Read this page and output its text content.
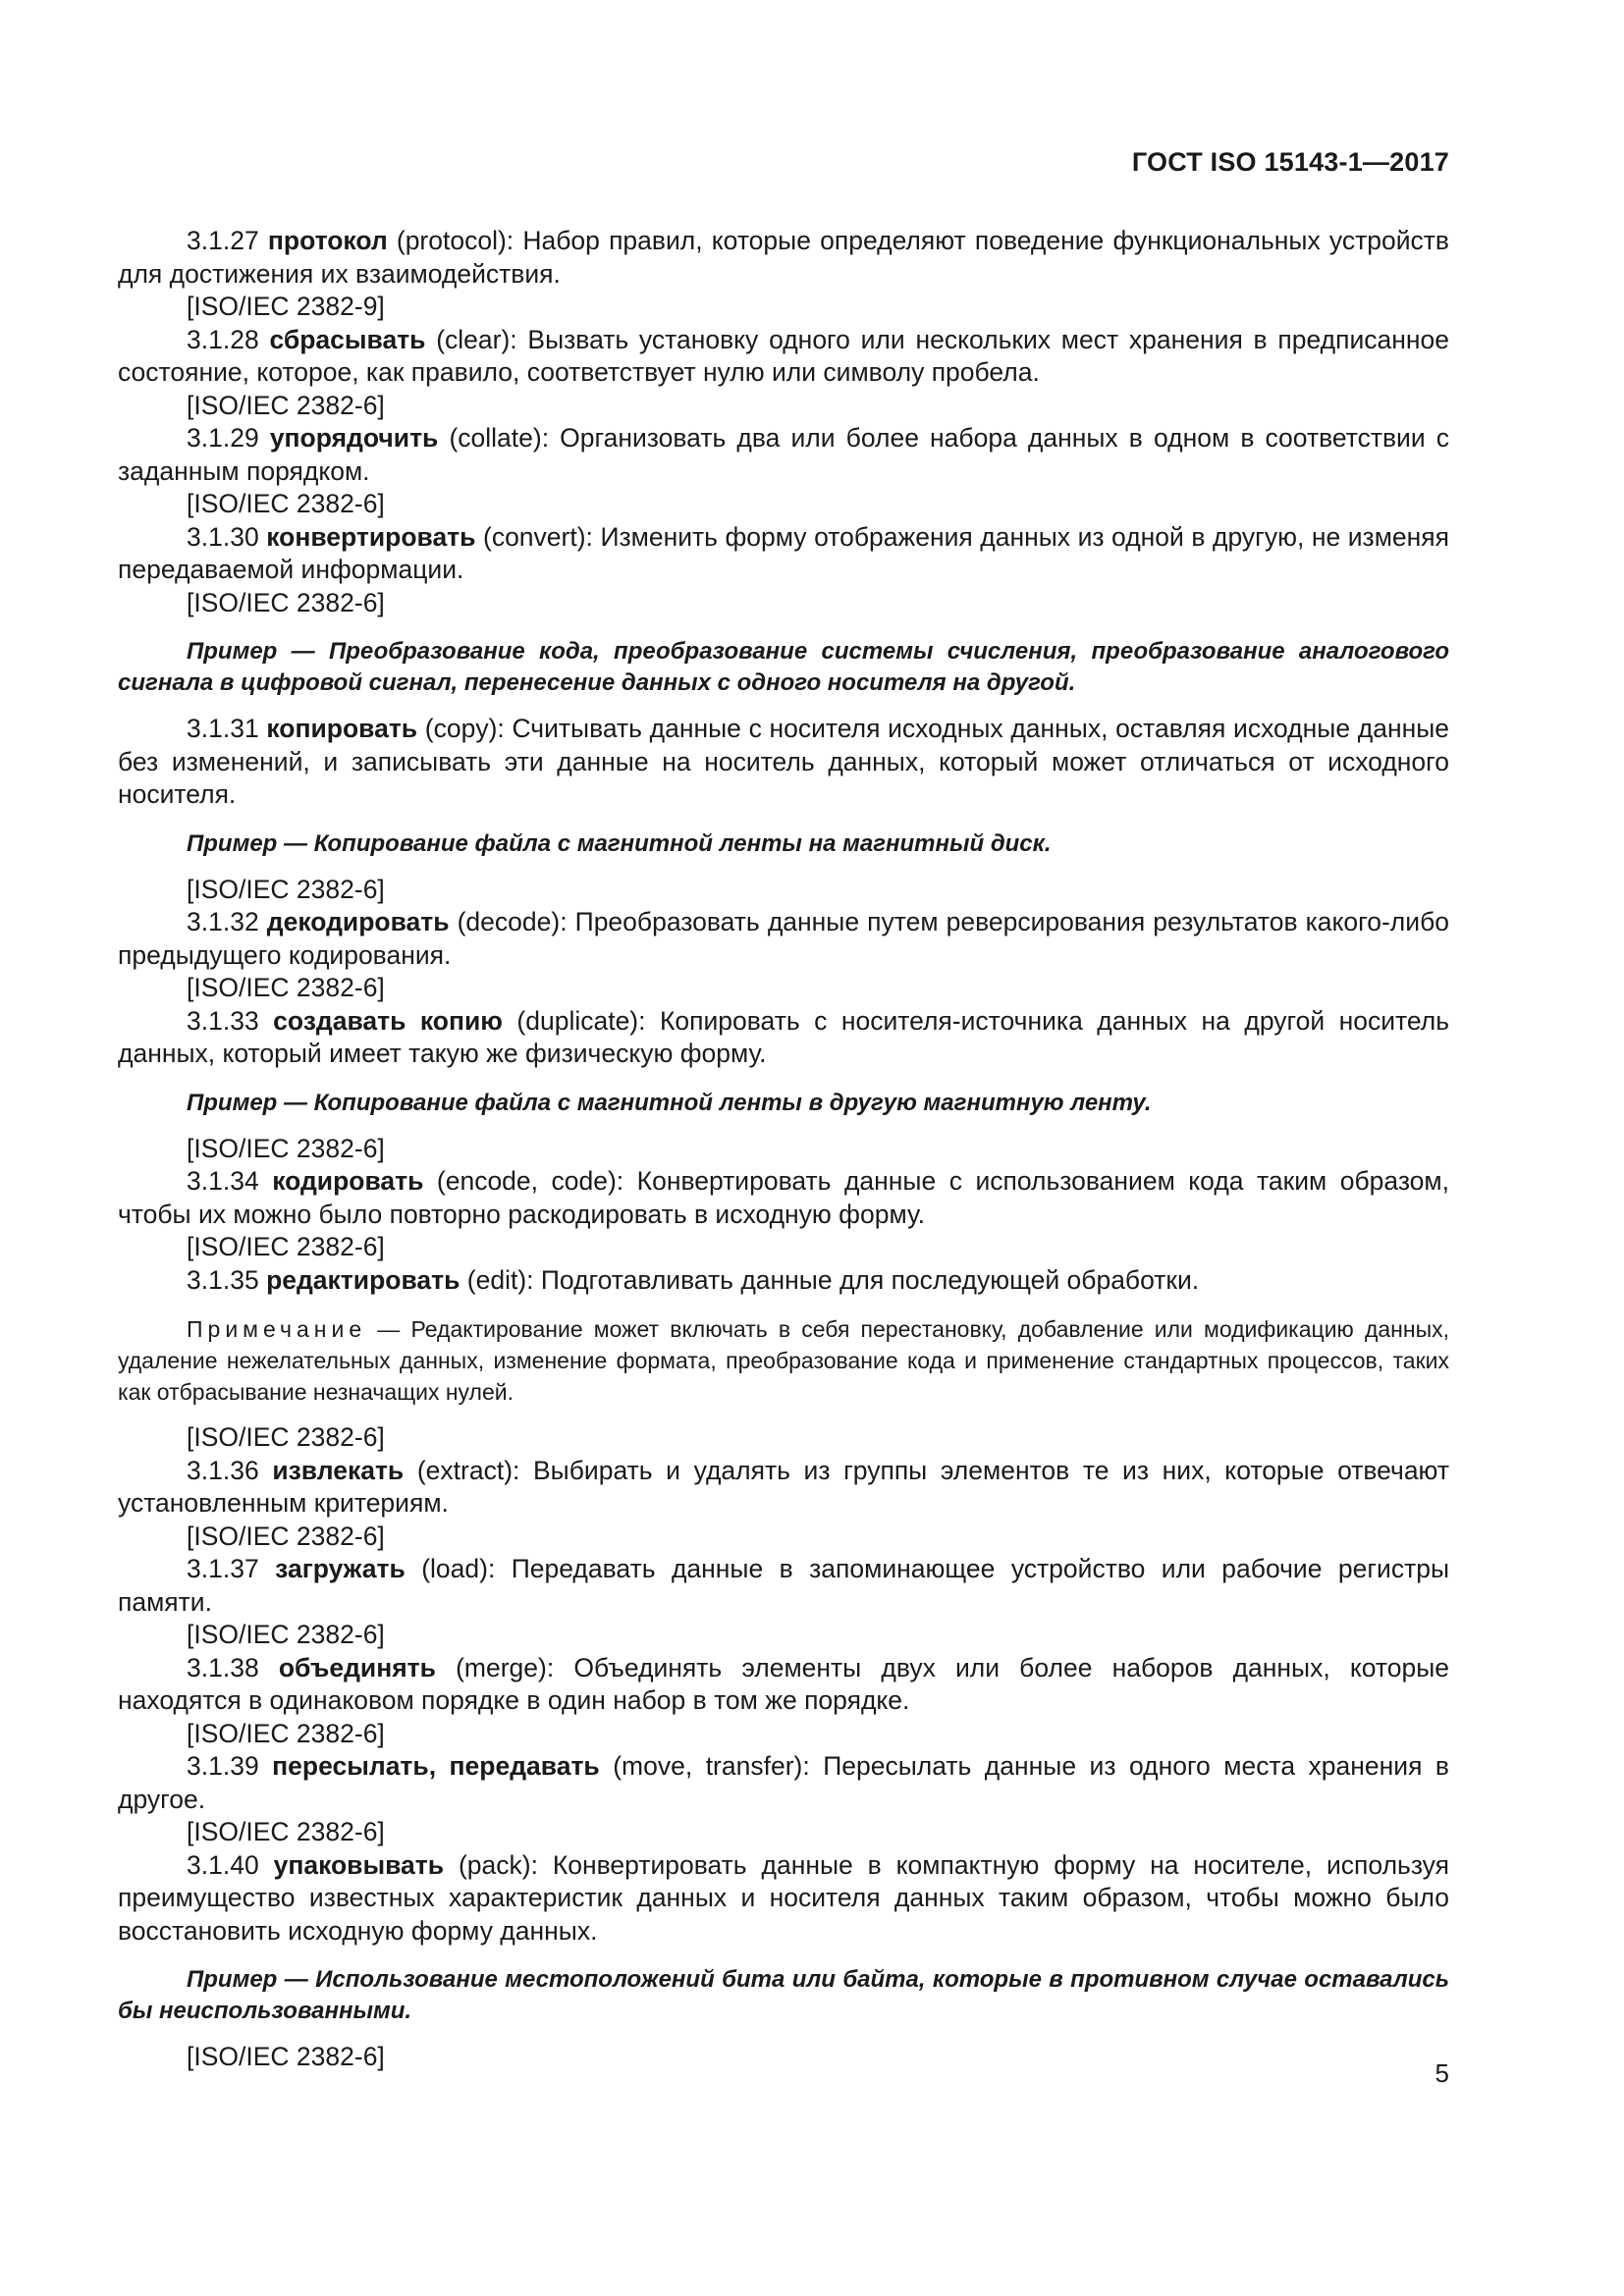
ГОСТ ISO 15143-1—2017

3.1.27 протокол (protocol): Набор правил, которые определяют поведение функциональных устройств для достижения их взаимодействия.

[ISO/IEC 2382-9]

3.1.28 сбрасывать (clear): Вызвать установку одного или нескольких мест хранения в предписанное состояние, которое, как правило, соответствует нулю или символу пробела.

[ISO/IEC 2382-6]

3.1.29 упорядочить (collate): Организовать два или более набора данных в одном в соответствии с заданным порядком.

[ISO/IEC 2382-6]

3.1.30 конвертировать (convert): Изменить форму отображения данных из одной в другую, не изменяя передаваемой информации.

[ISO/IEC 2382-6]

Пример — Преобразование кода, преобразование системы счисления, преобразование аналогового сигнала в цифровой сигнал, перенесение данных с одного носителя на другой.

3.1.31 копировать (copy): Считывать данные с носителя исходных данных, оставляя исходные данные без изменений, и записывать эти данные на носитель данных, который может отличаться от исходного носителя.

Пример — Копирование файла с магнитной ленты на магнитный диск.

[ISO/IEC 2382-6]

3.1.32 декодировать (decode): Преобразовать данные путем реверсирования результатов какого-либо предыдущего кодирования.

[ISO/IEC 2382-6]

3.1.33 создавать копию (duplicate): Копировать с носителя-источника данных на другой носитель данных, который имеет такую же физическую форму.

Пример — Копирование файла с магнитной ленты в другую магнитную ленту.

[ISO/IEC 2382-6]

3.1.34 кодировать (encode, code): Конвертировать данные с использованием кода таким образом, чтобы их можно было повторно раскодировать в исходную форму.

[ISO/IEC 2382-6]

3.1.35 редактировать (edit): Подготавливать данные для последующей обработки.

Примечание — Редактирование может включать в себя перестановку, добавление или модификацию данных, удаление нежелательных данных, изменение формата, преобразование кода и применение стандартных процессов, таких как отбрасывание незначащих нулей.

[ISO/IEC 2382-6]

3.1.36 извлекать (extract): Выбирать и удалять из группы элементов те из них, которые отвечают установленным критериям.

[ISO/IEC 2382-6]

3.1.37 загружать (load): Передавать данные в запоминающее устройство или рабочие регистры памяти.

[ISO/IEC 2382-6]

3.1.38 объединять (merge): Объединять элементы двух или более наборов данных, которые находятся в одинаковом порядке в один набор в том же порядке.

[ISO/IEC 2382-6]

3.1.39 пересылать, передавать (move, transfer): Пересылать данные из одного места хранения в другое.

[ISO/IEC 2382-6]

3.1.40 упаковывать (pack): Конвертировать данные в компактную форму на носителе, используя преимущество известных характеристик данных и носителя данных таким образом, чтобы можно было восстановить исходную форму данных.

Пример — Использование местоположений бита или байта, которые в противном случае оставались бы неиспользованными.

[ISO/IEC 2382-6]

5
